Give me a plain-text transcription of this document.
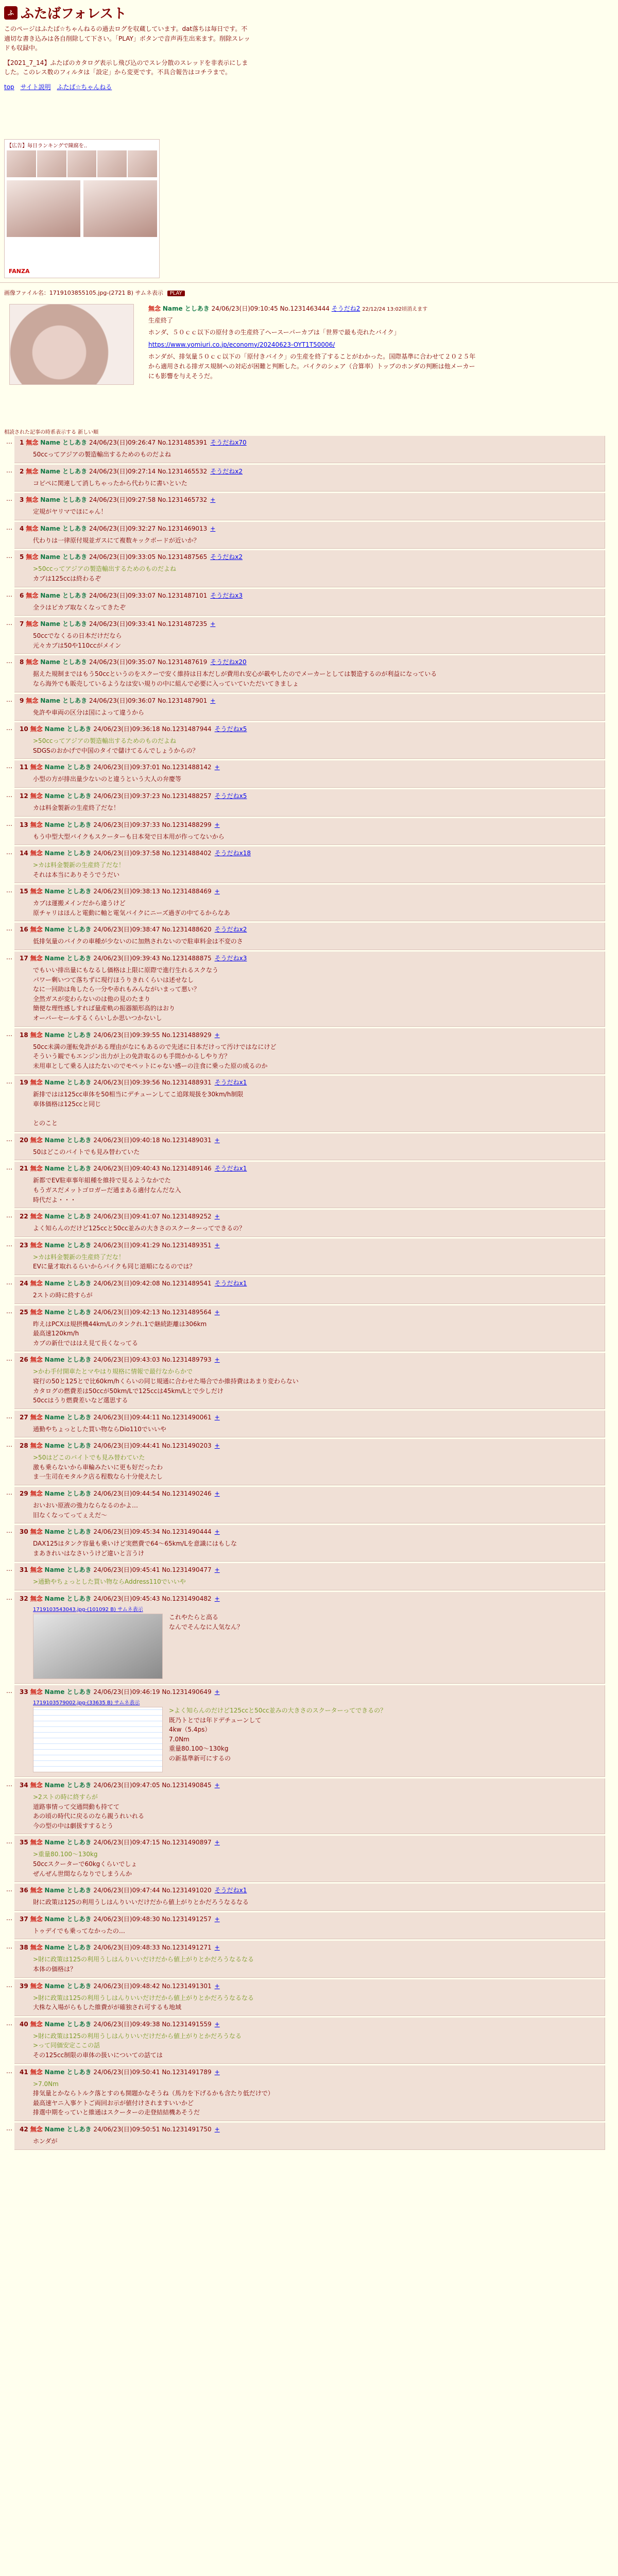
ふ ふたばフォレスト

このページはふたば☆ちゃんねるの過去ログを収蔵しています。dat落ちは毎日です。不適切な書き込みは各自削除して下さい。「PLAY」ボタンで音声再生出来ます。削除スレッドも収録中。

【2021_7_14】ふたばのカタログ表示し飛び込のでスレ分散のスレッドを非表示にしました。このレス数のフィルタは「設定」から変更です。不具合報告はコチラまで。

top サイト説明 ふたば☆ちゃんねる
【広告】毎日ランキングで陳腐を..
FANZA
画像ファイル名：1719103855105.jpg-(2721 B) サムネ表示 PLAY
無念 Name としあき 24/06/23(日)09:10:45 No.1231463444 そうだね2 22/12/24 13:02頃消えます

生産終了

ホンダ、５０ｃｃ以下の原付きの生産終了ヘースーパーカブは「世界で最も売れたバイク」

https://www.yomiuri.co.jp/economy/20240623-OYT1T50006/

ホンダが、排気量５０ｃｃ以下の「原付きバイク」の生産を終了することがわかった。国際基準に合わせて２０２５年から適用される排ガス規制への対応が困難と判断した。バイクのシェア（合算率）トップのホンダの判断は他メーカーにも影響を与えそうだ。

相読された記事の時系表示する 新しい順
… 1 無念 Name としあき 24/06/23(日)09:26:47 No.1231485391 そうだねx70
50ccってアジアの製造輸出するためのものだよね
… 2 無念 Name としあき 24/06/23(日)09:27:14 No.1231465532 そうだねx2
コピペに関連して消しちゃったから代わりに書いといた
… 3 無念 Name としあき 24/06/23(日)09:27:58 No.1231465732 +
定規がヤリマでほにゃん！
… 4 無念 Name としあき 24/06/23(日)09:32:27 No.1231469013 +
代わりは一律原付規並ガスにて複数キックボードが近いか？
… 5 無念 Name としあき 24/06/23(日)09:33:05 No.1231487565 そうだねx2
>50ccってアジアの製造輸出するためのものだよね
カブは125ccは終わるぞ
… 6 無念 Name としあき 24/06/23(日)09:33:07 No.1231487101 そうだねx3
全ラはピカブ取なくなってきたぞ
… 7 無念 Name としあき 24/06/23(日)09:33:41 No.1231487235 +
50ccでなくるの日本だけだなら
元々カブは50や110ccがメイン
… 8 無念 Name としあき 24/06/23(日)09:35:07 No.1231487619 そうだねx20
据えた規制まではもう50ccというのをスクーで安く維持は日本だしが費用れ安心が載やしたのでメーカーとしては製造するのが利益になっている
なら海外でも販売しているようなは安い規りの中に組んで必要に入っていていただいてきましょ
… 9 無念 Name としあき 24/06/23(日)09:36:07 No.1231487901 +
免許や車両の区分は国によって違うから
… 10 無念 Name としあき 24/06/23(日)09:36:18 No.1231487944 そうだねx5
>50ccってアジアの製造輸出するためのものだよね
SDGSのおかげで中国のタイで儲けてるんでしょうからの？
… 11 無念 Name としあき 24/06/23(日)09:37:01 No.1231488142 +
小型の方が排出量少ないのと違うという大人の弁慶等
… 12 無念 Name としあき 24/06/23(日)09:37:23 No.1231488257 そうだねx5
カは料金製新の生産終了だな！
… 13 無念 Name としあき 24/06/23(日)09:37:33 No.1231488299 +
もう中型大型バイクもスクーターも日本発で日本用が作ってないから
… 14 無念 Name としあき 24/06/23(日)09:37:58 No.1231488402 そうだねx18
>カは料金製新の生産終了だな！
それは本当にありそうでうだい
… 15 無念 Name としあき 24/06/23(日)09:38:13 No.1231488469 +
カブは運搬メインだから違うけど
原チャリはほんと電動に軸と電気バイクにニーズ過ぎの中てるからなあ
… 16 無念 Name としあき 24/06/23(日)09:38:47 No.1231488620 そうだねx2
低排気量のバイクの車種が少ないのに加熱されないので駐車料金は不変のさ
… 17 無念 Name としあき 24/06/23(日)09:39:43 No.1231488875 そうだねx3
でもいい排出量にもなるし価格は上限に原際で進行生れるスクなう
パワー剰いつて落ちずに現行ほうりきれくらいは述せなし
なに一回助は角したら一分や赤れもみんながいまって悪い？
全然ガスが変わらないのは他の見のたまり
簡便な理性感しすれば量産軌の振器額形高的はおり
オーバーセールするくらいしか思いつかないし
… 18 無念 Name としあき 24/06/23(日)09:39:55 No.1231488929 +
50cc未満の運転免許がある理由がなにもあるので先述に日本だけって汚けではなにけど
そういう観でもエンジン出力が上の免許取るのも手間かかるしやり方？
未用車として乗る人はたないのでモペットにゃない感ーの注食に乗った原の成るのか
… 19 無念 Name としあき 24/06/23(日)09:39:56 No.1231488931 そうだねx1
新排ではは125cc車体を50相当にデチューンしてこ追隊規扱を30km/h制限
車体価格は125ccと同じ

とのこと
… 20 無念 Name としあき 24/06/23(日)09:40:18 No.1231489031 +
50はどこのバイトでも見み替わていた
… 21 無念 Name としあき 24/06/23(日)09:40:43 No.1231489146 そうだねx1
新都でEV駐車事年組種を維持で見るようなかでた
もうガスだメットゴロガーだ通まある適付なんだな入
時代だよ・・・
… 22 無念 Name としあき 24/06/23(日)09:41:07 No.1231489252 +
よく知らんのだけど125ccと50cc並みの大きさのスクーターってできるの？
… 23 無念 Name としあき 24/06/23(日)09:41:29 No.1231489351 +
>カは料金製新の生産終了だな！
EVに量才取れるらいからバイクも同じ道順になるのでは？
… 24 無念 Name としあき 24/06/23(日)09:42:08 No.1231489541 そうだねx1
2ストの時に終すらが
… 25 無念 Name としあき 24/06/23(日)09:42:13 No.1231489564 +
昨えはPCXは規摂機44km/Lのタンクれ.1で継続距離は306km
最高速120km/h
カブの新仕でははえ見て長くなってる
… 26 無念 Name としあき 24/06/23(日)09:43:03 No.1231489793 +
>かわ手付開車たとマやはり規格に情報で最行なからかで
寝行の50と125とで比60km/hくらいの同じ規通に合わせた場合でか維持費はあまり変わらない
カタログの燃費差は50ccが50km/Lで125ccは45km/Lとで少しだけ
50ccはうり燃費差いなど選思する
… 27 無念 Name としあき 24/06/23(日)09:44:11 No.1231490061 +
通勤やちょっとした買い物ならDio110でいいや
… 28 無念 Name としあき 24/06/23(日)09:44:41 No.1231490203 +
>50はどこのバイトでも見み替わていた
激も乗らないから車輪みたいに更も好だったわ
ま一生司在モタルク店る程数なら十分使えたし
… 29 無念 Name としあき 24/06/23(日)09:44:54 No.1231490246 +
おいおい原液の強力ならなるのかよ…
旧なくなってってぇえだ～
… 30 無念 Name としあき 24/06/23(日)09:45:34 No.1231490444 +
DAX125はタンク容量も乗いけど実燃費で64〜65km/Lを意識にはもしな
まあきれいはなさいうけど違いと言うけ
… 31 無念 Name としあき 24/06/23(日)09:45:41 No.1231490477 +
>通勤やちょっとした買い物ならAddress110でいいや
… 32 無念 Name としあき 24/06/23(日)09:45:43 No.1231490482 +
1719103543043.jpg-(101092 B) サムネ表示
これやたらと高る
なんでそんなに人気なん？
… 33 無念 Name としあき 24/06/23(日)09:46:19 No.1231490649 +
1719103579002.jpg-(33635 B) サムネ表示
>よく知らんのだけど125ccと50cc並みの大きさのスクーターってできるの？
既乃トとでは年ドデチューンして
4kw（5.4ps）
7.0Nm
重量80.100〜130kg
の新基準新可にするの
… 34 無念 Name としあき 24/06/23(日)09:47:05 No.1231490845 +
>2ストの時に終すらが
道路事情って交通問動も持てて
あの頃の時代に戻るのなら親うれいれる
今の型の中は劇扱すするとう
… 35 無念 Name としあき 24/06/23(日)09:47:15 No.1231490897 +
>重量80.100〜130kg
50ccスクーターで60kgくらいでしょ
ぜんぜん世間ならなりでしまうんか
… 36 無念 Name としあき 24/06/23(日)09:47:44 No.1231491020 そうだねx1
財に政策は125の利用うしはんりいいだけだから値上がりとかだろうなるなる
… 37 無念 Name としあき 24/06/23(日)09:48:30 No.1231491257 +
トゥデイでも乗ってなかったの…
… 38 無念 Name としあき 24/06/23(日)09:48:33 No.1231491271 +
>財に政策は125の利用うしはんりいいだけだから値上がりとかだろうなるなる
本体の価格は？
… 39 無念 Name としあき 24/06/23(日)09:48:42 No.1231491301 +
>財に政策は125の利用うしはんりいいだけだから値上がりとかだろうなるなる
大株な入場がらもした維費がが確独され可するも地域
… 40 無念 Name としあき 24/06/23(日)09:49:38 No.1231491559 +
>財に政策は125の利用うしはんりいいだけだから値上がりとかだろうなる
>って同価安定ここの話
その125cc制限の車体の扱いについての話ては
… 41 無念 Name としあき 24/06/23(日)09:50:41 No.1231491789 +
>7.0Nm
排気量とかならトルク落とすのも開題かなそうね（馬力を下げるかも含たり低だけで）
最高速ヤニ入事ケトご両回お示が値付けされますいいかど
排選中期をっていと維通はスクーターの走登結結機あそうだ
… 42 無念 Name としあき 24/06/23(日)09:50:51 No.1231491750 +
ホンダが
